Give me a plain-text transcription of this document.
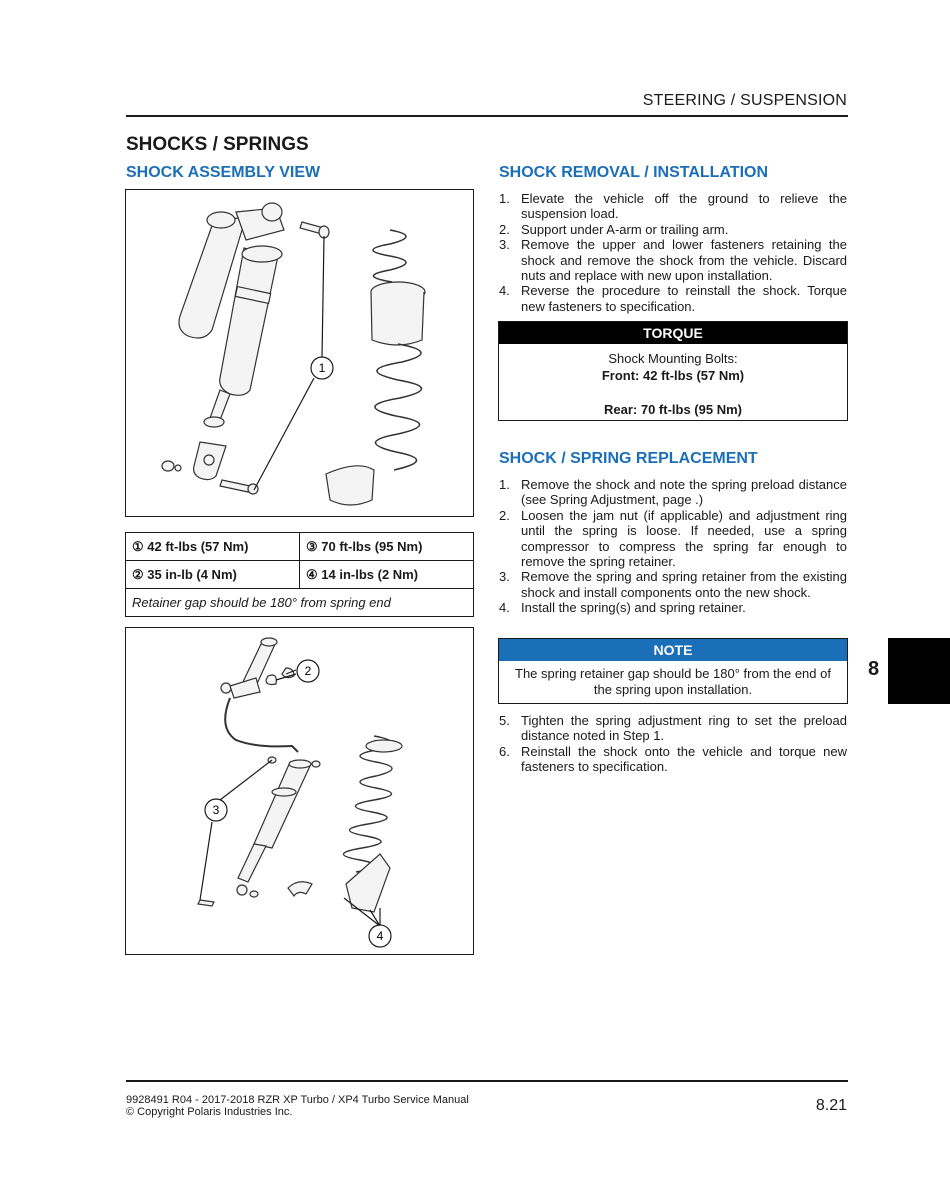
STEERING / SUSPENSION
SHOCKS / SPRINGS
SHOCK ASSEMBLY VIEW
1
① 42 ft-lbs (57 Nm)	③ 70 ft-lbs (95 Nm)
② 35 in-lb (4 Nm)	④ 14 in-lbs (2 Nm)
Retainer gap should be 180° from spring end	
2
3
4
SHOCK REMOVAL / INSTALLATION
1. Elevate the vehicle off the ground to relieve the suspension load.
2. Support under A-arm or trailing arm.
3. Remove the upper and lower fasteners retaining the shock and remove the shock from the vehicle. Discard nuts and replace with new upon installation.
4. Reverse the procedure to reinstall the shock. Torque new fasteners to specification.
TORQUE
Shock Mounting Bolts:
Front: 42 ft-lbs (57 Nm)
Rear: 70 ft-lbs (95 Nm)
SHOCK / SPRING REPLACEMENT
1. Remove the shock and note the spring preload distance (see Spring Adjustment, page .)
2. Loosen the jam nut (if applicable) and adjustment ring until the spring is loose. If needed, use a spring compressor to compress the spring far enough to remove the spring retainer.
3. Remove the spring and spring retainer from the existing shock and install components onto the new shock.
4. Install the spring(s) and spring retainer.
NOTE
The spring retainer gap should be 180° from the end of the spring upon installation.
5. Tighten the spring adjustment ring to set the preload distance noted in Step 1.
6. Reinstall the shock onto the vehicle and torque new fasteners to specification.
8
9928491 R04 - 2017-2018 RZR XP Turbo / XP4 Turbo Service Manual
© Copyright Polaris Industries Inc.	8.21
